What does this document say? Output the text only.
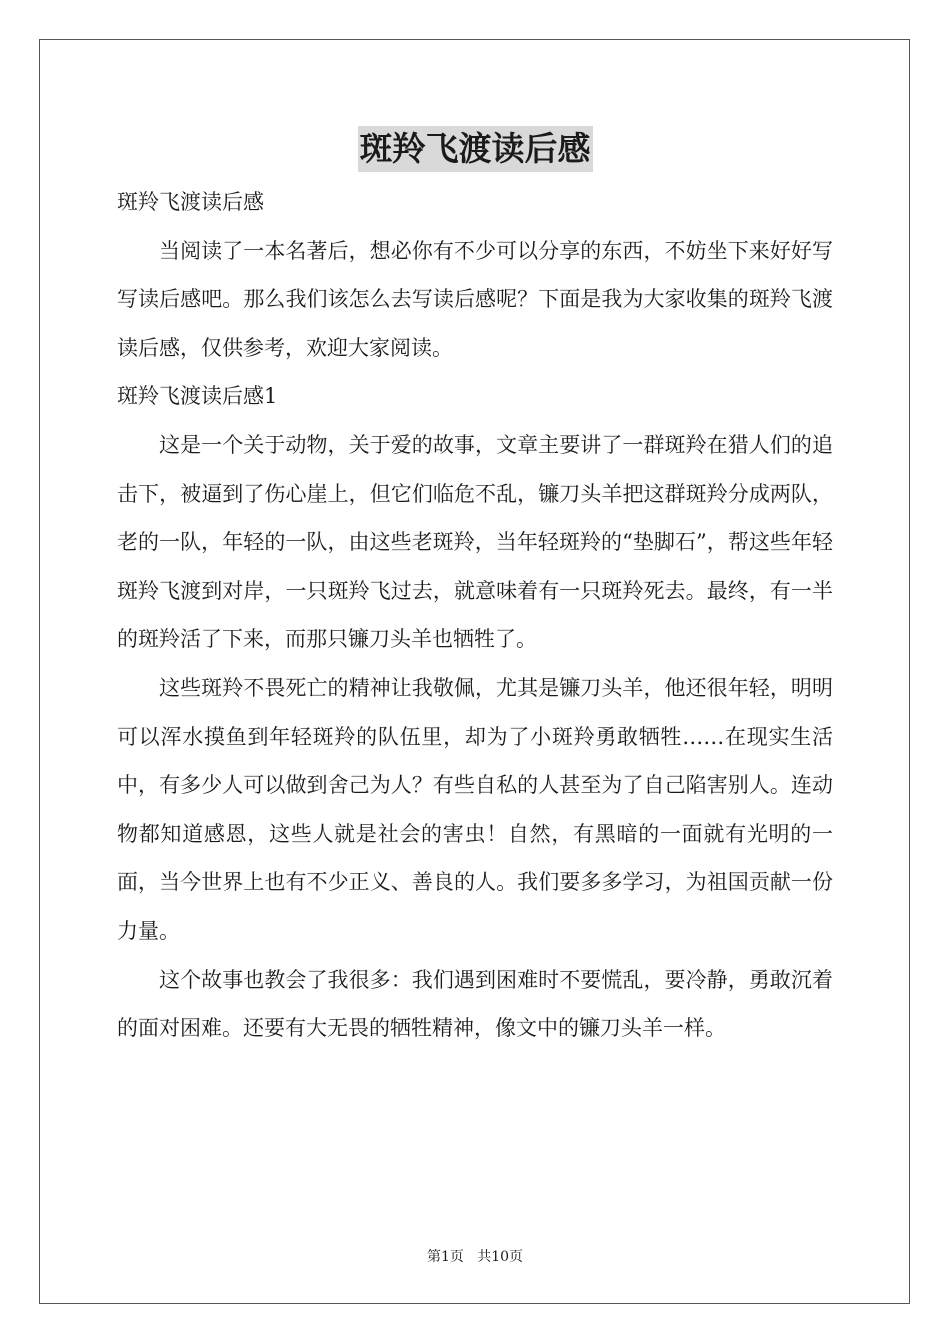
斑羚飞渡读后感

斑羚飞渡读后感

当阅读了一本名著后，想必你有不少可以分享的东西，不妨坐下来好好写写读后感吧。那么我们该怎么去写读后感呢？下面是我为大家收集的斑羚飞渡读后感，仅供参考，欢迎大家阅读。

斑羚飞渡读后感1

这是一个关于动物，关于爱的故事，文章主要讲了一群斑羚在猎人们的追击下，被逼到了伤心崖上，但它们临危不乱，镰刀头羊把这群斑羚分成两队，老的一队，年轻的一队，由这些老斑羚，当年轻斑羚的“垫脚石”，帮这些年轻斑羚飞渡到对岸，一只斑羚飞过去，就意味着有一只斑羚死去。最终，有一半的斑羚活了下来，而那只镰刀头羊也牺牲了。

这些斑羚不畏死亡的精神让我敬佩，尤其是镰刀头羊，他还很年轻，明明可以浑水摸鱼到年轻斑羚的队伍里，却为了小斑羚勇敢牺牲……在现实生活中，有多少人可以做到舍己为人？有些自私的人甚至为了自己陷害别人。连动物都知道感恩，这些人就是社会的害虫！自然，有黑暗的一面就有光明的一面，当今世界上也有不少正义、善良的人。我们要多多学习，为祖国贡献一份力量。

这个故事也教会了我很多：我们遇到困难时不要慌乱，要冷静，勇敢沉着的面对困难。还要有大无畏的牺牲精神，像文中的镰刀头羊一样。

第1页   共10页
